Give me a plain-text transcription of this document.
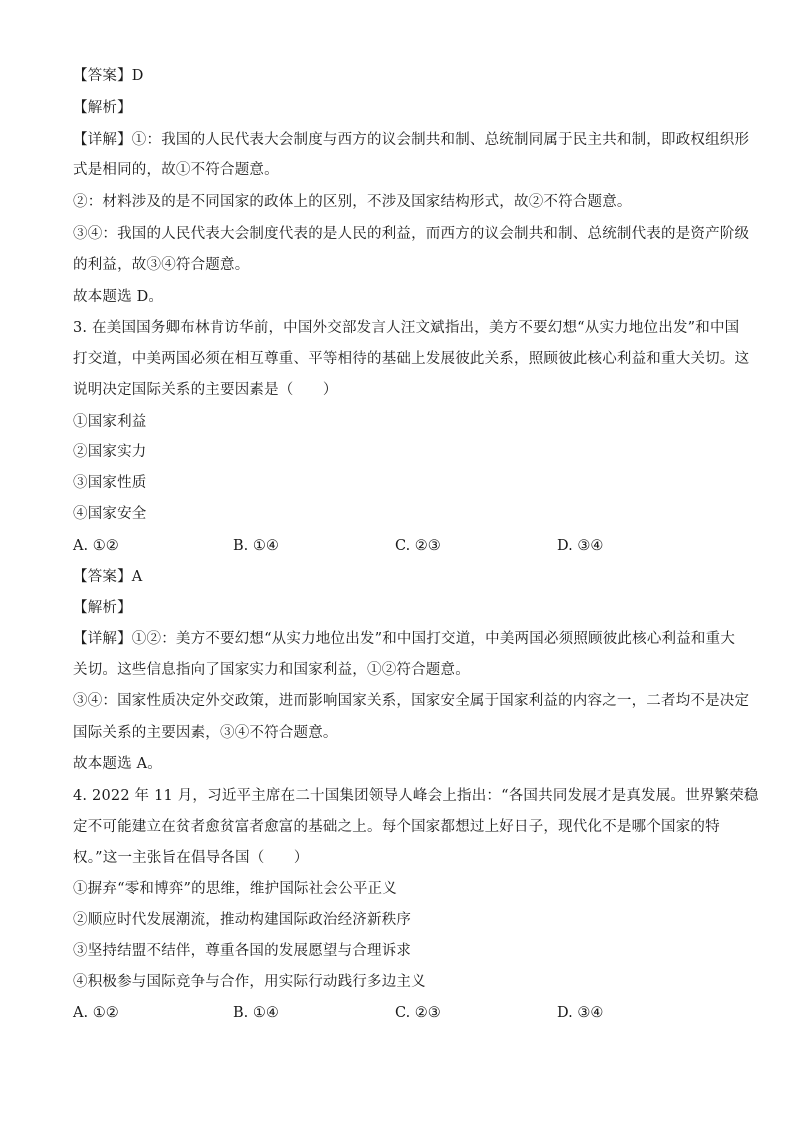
【答案】D
【解析】
【详解】①：我国的人民代表大会制度与西方的议会制共和制、总统制同属于民主共和制，即政权组织形
式是相同的，故①不符合题意。
②：材料涉及的是不同国家的政体上的区别，不涉及国家结构形式，故②不符合题意。
③④：我国的人民代表大会制度代表的是人民的利益，而西方的议会制共和制、总统制代表的是资产阶级
的利益，故③④符合题意。
故本题选 D。
3. 在美国国务卿布林肯访华前，中国外交部发言人汪文斌指出，美方不要幻想“从实力地位出发”和中国
打交道，中美两国必须在相互尊重、平等相待的基础上发展彼此关系，照顾彼此核心利益和重大关切。这
说明决定国际关系的主要因素是（　　）
①国家利益
②国家实力
③国家性质
④国家安全
A. ①②	B. ①④	C. ②③	D. ③④
【答案】A
【解析】
【详解】①②：美方不要幻想“从实力地位出发”和中国打交道，中美两国必须照顾彼此核心利益和重大
关切。这些信息指向了国家实力和国家利益，①②符合题意。
③④：国家性质决定外交政策，进而影响国家关系，国家安全属于国家利益的内容之一，二者均不是决定
国际关系的主要因素，③④不符合题意。
故本题选 A。
4. 2022 年 11 月，习近平主席在二十国集团领导人峰会上指出：“各国共同发展才是真发展。世界繁荣稳
定不可能建立在贫者愈贫富者愈富的基础之上。每个国家都想过上好日子，现代化不是哪个国家的特
权。”这一主张旨在倡导各国（　　）
①摒弃“零和博弈”的思维，维护国际社会公平正义
②顺应时代发展潮流，推动构建国际政治经济新秩序
③坚持结盟不结伴，尊重各国的发展愿望与合理诉求
④积极参与国际竞争与合作，用实际行动践行多边主义
A. ①②	B. ①④	C. ②③	D. ③④
